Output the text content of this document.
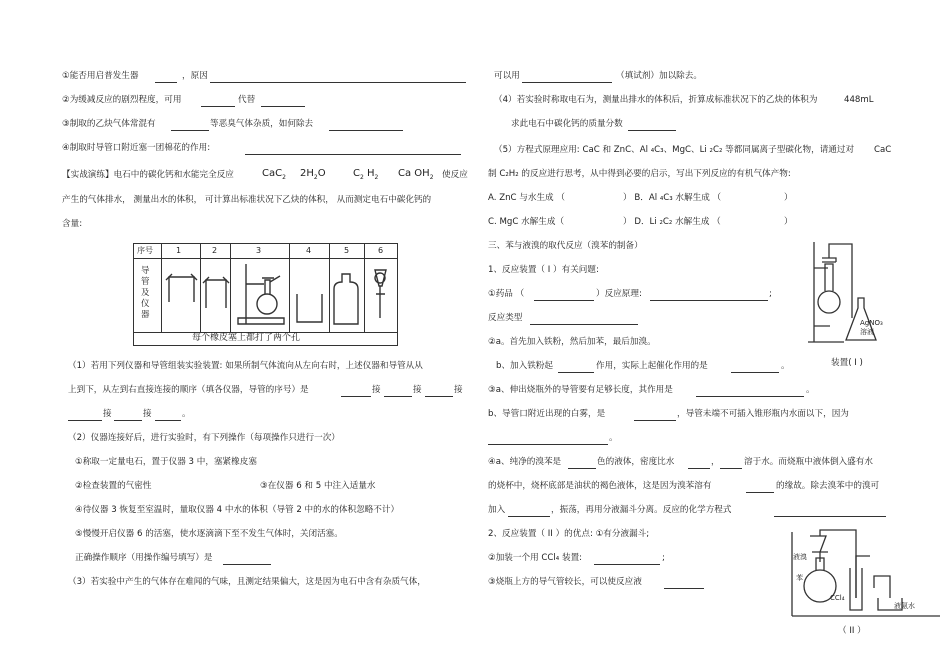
①能否用启普发生器	，原因
②为缓减反应的剧烈程度，可用	代替
③制取的乙炔气体常混有	等恶臭气体杂质，如何除去
④制取时导管口附近塞一团棉花的作用:
【实战演练】电石中的碳化钙和水能完全反应	CaC$_2$ $2H_2O$	$C_2$ $H_2$ Ca $OH_2$ 使反应
产生的气体排水， 测量出水的体积， 可计算出标准状况下乙炔的体积， 从而测定电石中碳化钙的
含量:
序号	1	2	3	4	5	6
导管及仪器
每个橡皮塞上都打了两个孔
（1）若用下列仪器和导管组装实验装置: 如果所制气体流向从左向右时，上述仪器和导管从从
上到下，从左到右直接连接的顺序（填各仪器，导管的序号）是	接	接	接
接	接	。
（2）仪器连接好后，进行实验时，有下列操作（每项操作只进行一次）
①称取一定量电石，置于仪器 3 中，塞紧橡皮塞
②检查装置的气密性	③在仪器 6 和 5 中注入适量水
④待仪器 3 恢复至室温时，量取仪器 4 中水的体积（导管 2 中的水的体积忽略不计）
⑤慢慢开启仪器 6 的活塞，使水逐滴滴下至不发生气体时，关闭活塞。
正确操作顺序（用操作编号填写）是
（3）若实验中产生的气体存在难闻的气味，且测定结果偏大，这是因为电石中含有杂质气体，
可以用	（填试剂）加以除去。
（4）若实验时称取电石为，测量出排水的体积后，折算成标准状况下的乙炔的体积为	448mL
求此电石中碳化钙的质量分数
（5）方程式原理应用: CaC 和 ZnC、Al ₄C₃、MgC、Li ₂C₂ 等都同属离子型碳化物，请通过对 CaC
制 C₂H₂ 的反应进行思考，从中得到必要的启示，写出下列反应的有机气体产物:
A. ZnC 与水生成 （	） B．Al ₄C₃ 水解生成 （	）
C. MgC 水解生成（	） D．Li ₂C₂ 水解生成 （	）
三、苯与液溴的取代反应（溴苯的制备）
1、反应装置（ I ）有关问题:
①药品 （	）反应原理:	;
反应类型
②a。首先加入铁粉，然后加苯，最后加溴。
b、加入铁粉起	作用，实际上起催化作用的是	。	装置( Ⅰ )
③a、伸出烧瓶外的导管要有足够长度，其作用是	。
b、导管口附近出现的白雾，是	，导管未端不可插入锥形瓶内水面以下，因为
。
④a、纯净的溴苯是	色的液体，密度比水	，	溶于水。而烧瓶中液体倒入盛有水
的烧杯中，烧杯底部是油状的褐色液体，这是因为溴苯溶有	的缘故。除去溴苯中的溴可
加入	，振荡，再用分液漏斗分离。反应的化学方程式
2、反应装置（ II ）的优点: ①有分液漏斗;
②加装一个用 CCl₄ 装置:	;
③烧瓶上方的导气管较长，可以使反应液
（ II ）
AgNO₃
溶液
液溴
苯
CCl₄
液氨水
